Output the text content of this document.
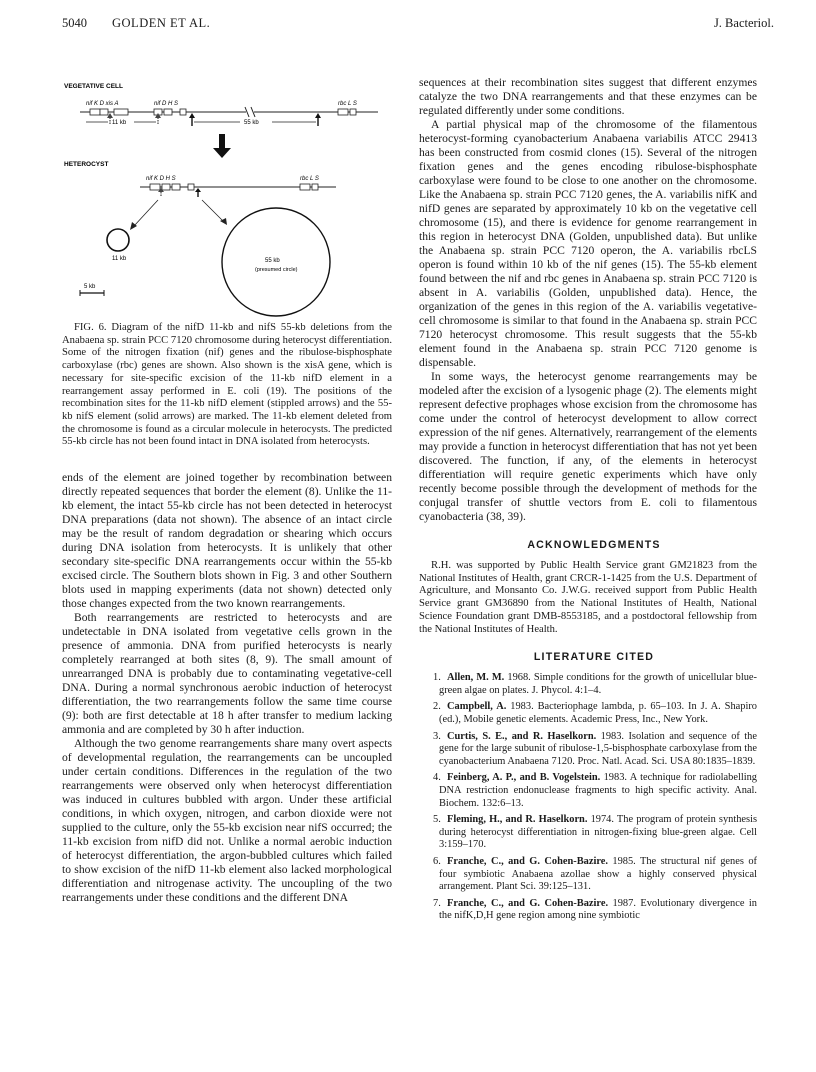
5040 GOLDEN ET AL.	J. Bacteriol.
VEGETATIVE CELL
nif K D xis A	nif D H S	rbc L S
11 kb	55 kb
HETEROCYST
nif K D H S	rbc L S
11 kb	55 kb
(presumed circle)
5 kb

FIG. 6. Diagram of the nifD 11-kb and nifS 55-kb deletions from the Anabaena sp. strain PCC 7120 chromosome during heterocyst differentiation. Some of the nitrogen fixation (nif) genes and the ribulose-bisphosphate carboxylase (rbc) genes are shown. Also shown is the xisA gene, which is necessary for site-specific excision of the 11-kb nifD element in a rearrangement assay performed in E. coli (19). The positions of the recombination sites for the 11-kb nifD element (stippled arrows) and the 55-kb nifS element (solid arrows) are marked. The 11-kb element deleted from the chromosome is found as a circular molecule in heterocysts. The predicted 55-kb circle has not been found intact in DNA isolated from heterocysts.

ends of the element are joined together by recombination between directly repeated sequences that border the element (8). Unlike the 11-kb element, the intact 55-kb circle has not been detected in heterocyst DNA preparations (data not shown). The absence of an intact circle may be the result of random degradation or shearing which occurs during DNA isolation from heterocysts. It is unlikely that other secondary site-specific DNA rearrangements occur within the 55-kb excised circle. The Southern blots shown in Fig. 3 and other Southern blots used in mapping experiments (data not shown) detected only those changes expected from the two known rearrangements.

Both rearrangements are restricted to heterocysts and are undetectable in DNA isolated from vegetative cells grown in the presence of ammonia. DNA from purified heterocysts is nearly completely rearranged at both sites (8, 9). The small amount of unrearranged DNA is probably due to contaminating vegetative-cell DNA. During a normal synchronous aerobic induction of heterocyst differentiation, the two rearrangements follow the same time course (9): both are first detectable at 18 h after transfer to medium lacking ammonia and are completed by 30 h after induction.

Although the two genome rearrangements share many overt aspects of developmental regulation, the rearrangements can be uncoupled under certain conditions. Differences in the regulation of the two rearrangements were observed only when heterocyst differentiation was induced in cultures bubbled with argon. Under these artificial conditions, in which oxygen, nitrogen, and carbon dioxide were not supplied to the culture, only the 55-kb excision near nifS occurred; the 11-kb excision from nifD did not. Unlike a normal aerobic induction of heterocyst differentiation, the argon-bubbled cultures which failed to show excision of the nifD 11-kb element also lacked morphological differentiation and nitrogenase activity. The uncoupling of the two rearrangements under these conditions and the different DNA

sequences at their recombination sites suggest that different enzymes catalyze the two DNA rearrangements and that these enzymes can be regulated differently under some conditions.

A partial physical map of the chromosome of the filamentous heterocyst-forming cyanobacterium Anabaena variabilis ATCC 29413 has been constructed from cosmid clones (15). Several of the nitrogen fixation genes and the genes encoding ribulose-bisphosphate carboxylase were found to be close to one another on the chromosome. Like the Anabaena sp. strain PCC 7120 genes, the A. variabilis nifK and nifD genes are separated by approximately 10 kb on the vegetative cell chromosome (15), and there is evidence for genome rearrangement in this region in heterocyst DNA (Golden, unpublished data). But unlike the Anabaena sp. strain PCC 7120 operon, the A. variabilis rbcLS operon is found within 10 kb of the nif genes (15). The 55-kb element found between the nif and rbc genes in Anabaena sp. strain PCC 7120 is absent in A. variabilis (Golden, unpublished data). Hence, the organization of the genes in this region of the A. variabilis vegetative-cell chromosome is similar to that found in the Anabaena sp. strain PCC 7120 heterocyst chromosome. This result suggests that the 55-kb element found in the Anabaena sp. strain PCC 7120 genome is dispensable.

In some ways, the heterocyst genome rearrangements may be modeled after the excision of a lysogenic phage (2). The elements might represent defective prophages whose excision from the chromosome has come under the control of heterocyst development to allow correct expression of the nif genes. Alternatively, rearrangement of the elements may provide a function in heterocyst differentiation that has not yet been discovered. The function, if any, of the elements in heterocyst differentiation will require genetic experiments which have only recently become possible through the development of methods for the conjugal transfer of shuttle vectors from E. coli to filamentous cyanobacteria (38, 39).

ACKNOWLEDGMENTS

R.H. was supported by Public Health Service grant GM21823 from the National Institutes of Health, grant CRCR-1-1425 from the U.S. Department of Agriculture, and Monsanto Co. J.W.G. received support from Public Health Service grant GM36890 from the National Institutes of Health, National Science Foundation grant DMB-8553185, and a postdoctoral fellowship from the National Institutes of Health.

LITERATURE CITED

1. Allen, M. M. 1968. Simple conditions for the growth of unicellular blue-green algae on plates. J. Phycol. 4:1–4.
2. Campbell, A. 1983. Bacteriophage lambda, p. 65–103. In J. A. Shapiro (ed.), Mobile genetic elements. Academic Press, Inc., New York.
3. Curtis, S. E., and R. Haselkorn. 1983. Isolation and sequence of the gene for the large subunit of ribulose-1,5-bisphosphate carboxylase from the cyanobacterium Anabaena 7120. Proc. Natl. Acad. Sci. USA 80:1835–1839.
4. Feinberg, A. P., and B. Vogelstein. 1983. A technique for radiolabelling DNA restriction endonuclease fragments to high specific activity. Anal. Biochem. 132:6–13.
5. Fleming, H., and R. Haselkorn. 1974. The program of protein synthesis during heterocyst differentiation in nitrogen-fixing blue-green algae. Cell 3:159–170.
6. Franche, C., and G. Cohen-Bazire. 1985. The structural nif genes of four symbiotic Anabaena azollae show a highly conserved physical arrangement. Plant Sci. 39:125–131.
7. Franche, C., and G. Cohen-Bazire. 1987. Evolutionary divergence in the nifK,D,H gene region among nine symbiotic
